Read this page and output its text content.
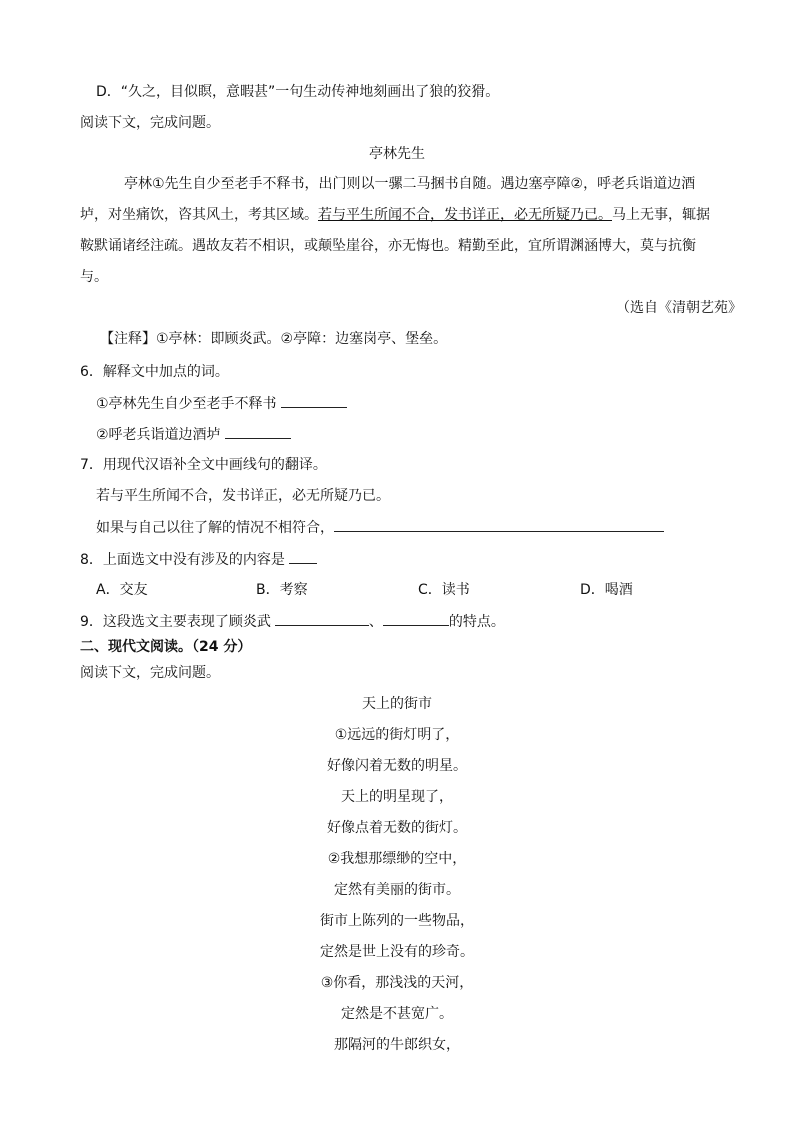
D．“久之，目似瞑，意暇甚”一句生动传神地刻画出了狼的狡猾。
阅读下文，完成问题。
亭林先生
亭林①先生自少至老手不释书，出门则以一骡二马捆书自随。遇边塞亭障②，呼老兵诣道边酒
垆，对坐痛饮，咨其风土，考其区域。若与平生所闻不合，发书详正，必无所疑乃已。马上无事，辄据
鞍默诵诸经注疏。遇故友若不相识，或颠坠崖谷，亦无悔也。精勤至此，宜所谓渊涵博大，莫与抗衡
与。
（选自《清朝艺苑》
【注释】①亭林：即顾炎武。②亭障：边塞岗亭、堡垒。
6．解释文中加点的词。
①亭林先生自少至老手不释书
②呼老兵诣道边酒垆
7．用现代汉语补全文中画线句的翻译。
若与平生所闻不合，发书详正，必无所疑乃已。
如果与自己以往了解的情况不相符合，
8．上面选文中没有涉及的内容是
A．交友	B．考察	C．读书	D．喝酒
9．这段选文主要表现了顾炎武	、	的特点。
二、现代文阅读。（24 分）
阅读下文，完成问题。
天上的街市
①远远的街灯明了，
好像闪着无数的明星。
天上的明星现了，
好像点着无数的街灯。
②我想那缥缈的空中，
定然有美丽的街市。
街市上陈列的一些物品，
定然是世上没有的珍奇。
③你看，那浅浅的天河，
定然是不甚宽广。
那隔河的牛郎织女，
